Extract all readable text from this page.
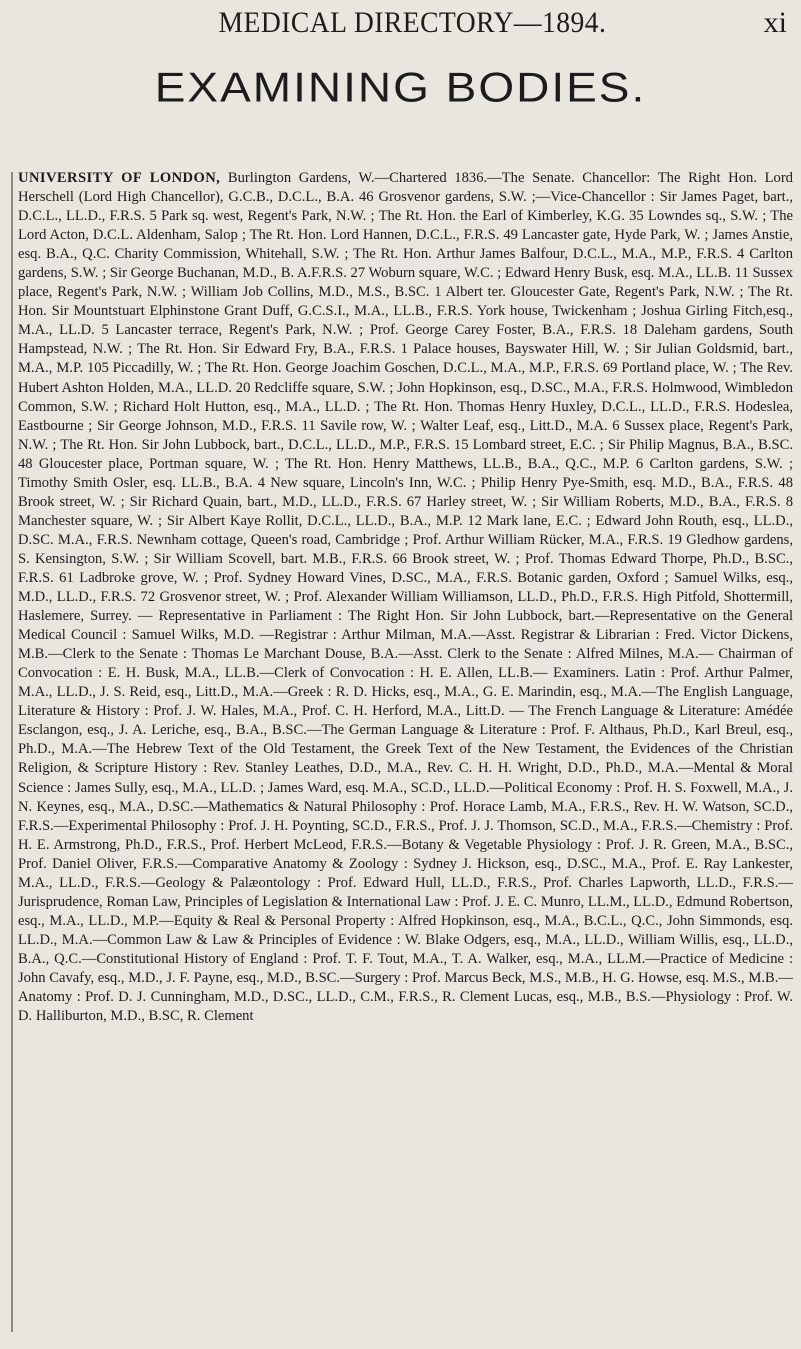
MEDICAL DIRECTORY—1894.	xi
EXAMINING BODIES.
UNIVERSITY OF LONDON, Burlington Gardens, W.—Chartered 1836.—The Senate. Chancellor: The Right Hon. Lord Herschell (Lord High Chancellor), G.C.B., D.C.L., B.A. 46 Grosvenor gardens, S.W. ;—Vice-Chancellor : Sir James Paget, bart., D.C.L., LL.D., F.R.S. 5 Park sq. west, Regent's Park, N.W. ; The Rt. Hon. the Earl of Kimberley, K.G. 35 Lowndes sq., S.W. ; The Lord Acton, D.C.L. Aldenham, Salop ; The Rt. Hon. Lord Hannen, D.C.L., F.R.S. 49 Lancaster gate, Hyde Park, W. ; James Anstie, esq. B.A., Q.C. Charity Commission, Whitehall, S.W. ; The Rt. Hon. Arthur James Balfour, D.C.L., M.A., M.P., F.R.S. 4 Carlton gardens, S.W. ; Sir George Buchanan, M.D., B. A.F.R.S. 27 Woburn square, W.C. ; Edward Henry Busk, esq. M.A., LL.B. 11 Sussex place, Regent's Park, N.W. ; William Job Collins, M.D., M.S., B.SC. 1 Albert ter. Gloucester Gate, Regent's Park, N.W. ; The Rt. Hon. Sir Mountstuart Elphinstone Grant Duff, G.C.S.I., M.A., LL.B., F.R.S. York house, Twickenham ; Joshua Girling Fitch,esq., M.A., LL.D. 5 Lancaster terrace, Regent's Park, N.W. ; Prof. George Carey Foster, B.A., F.R.S. 18 Daleham gardens, South Hampstead, N.W. ; The Rt. Hon. Sir Edward Fry, B.A., F.R.S. 1 Palace houses, Bayswater Hill, W. ; Sir Julian Goldsmid, bart., M.A., M.P. 105 Piccadilly, W. ; The Rt. Hon. George Joachim Goschen, D.C.L., M.A., M.P., F.R.S. 69 Portland place, W. ; The Rev. Hubert Ashton Holden, M.A., LL.D. 20 Redcliffe square, S.W. ; John Hopkinson, esq., D.SC., M.A., F.R.S. Holmwood, Wimbledon Common, S.W. ; Richard Holt Hutton, esq., M.A., LL.D. ; The Rt. Hon. Thomas Henry Huxley, D.C.L., LL.D., F.R.S. Hodeslea, Eastbourne ; Sir George Johnson, M.D., F.R.S. 11 Savile row, W. ; Walter Leaf, esq., Litt.D., M.A. 6 Sussex place, Regent's Park, N.W. ; The Rt. Hon. Sir John Lubbock, bart., D.C.L., LL.D., M.P., F.R.S. 15 Lombard street, E.C. ; Sir Philip Magnus, B.A., B.SC. 48 Gloucester place, Portman square, W. ; The Rt. Hon. Henry Matthews, LL.B., B.A., Q.C., M.P. 6 Carlton gardens, S.W. ; Timothy Smith Osler, esq. LL.B., B.A. 4 New square, Lincoln's Inn, W.C. ; Philip Henry Pye-Smith, esq. M.D., B.A., F.R.S. 48 Brook street, W. ; Sir Richard Quain, bart., M.D., LL.D., F.R.S. 67 Harley street, W. ; Sir William Roberts, M.D., B.A., F.R.S. 8 Manchester square, W. ; Sir Albert Kaye Rollit, D.C.L., LL.D., B.A., M.P. 12 Mark lane, E.C. ; Edward John Routh, esq., LL.D., D.SC. M.A., F.R.S. Newnham cottage, Queen's road, Cambridge ; Prof. Arthur William Rücker, M.A., F.R.S. 19 Gledhow gardens, S. Kensington, S.W. ; Sir William Scovell, bart. M.B., F.R.S. 66 Brook street, W. ; Prof. Thomas Edward Thorpe, Ph.D., B.SC., F.R.S. 61 Ladbroke grove, W. ; Prof. Sydney Howard Vines, D.SC., M.A., F.R.S. Botanic garden, Oxford ; Samuel Wilks, esq., M.D., LL.D., F.R.S. 72 Grosvenor street, W. ; Prof. Alexander William Williamson, LL.D., Ph.D., F.R.S. High Pitfold, Shottermill, Haslemere, Surrey. — Representative in Parliament : The Right Hon. Sir John Lubbock, bart.—Representative on the General Medical Council : Samuel Wilks, M.D. —Registrar : Arthur Milman, M.A.—Asst. Registrar & Librarian : Fred. Victor Dickens, M.B.—Clerk to the Senate : Thomas Le Marchant Douse, B.A.—Asst. Clerk to the Senate : Alfred Milnes, M.A.— Chairman of Convocation : E. H. Busk, M.A., LL.B.—Clerk of Convocation : H. E. Allen, LL.B.— Examiners. Latin : Prof. Arthur Palmer, M.A., LL.D., J. S. Reid, esq., Litt.D., M.A.—Greek : R. D. Hicks, esq., M.A., G. E. Marindin, esq., M.A.—The English Language, Literature & History : Prof. J. W. Hales, M.A., Prof. C. H. Herford, M.A., Litt.D. — The French Language & Literature: Amédée Esclangon, esq., J. A. Leriche, esq., B.A., B.SC.—The German Language & Literature : Prof. F. Althaus, Ph.D., Karl Breul, esq., Ph.D., M.A.—The Hebrew Text of the Old Testament, the Greek Text of the New Testament, the Evidences of the Christian Religion, & Scripture History : Rev. Stanley Leathes, D.D., M.A., Rev. C. H. H. Wright, D.D., Ph.D., M.A.—Mental & Moral Science : James Sully, esq., M.A., LL.D. ; James Ward, esq. M.A., SC.D., LL.D.—Political Economy : Prof. H. S. Foxwell, M.A., J. N. Keynes, esq., M.A., D.SC.—Mathematics & Natural Philosophy : Prof. Horace Lamb, M.A., F.R.S., Rev. H. W. Watson, SC.D., F.R.S.—Experimental Philosophy : Prof. J. H. Poynting, SC.D., F.R.S., Prof. J. J. Thomson, SC.D., M.A., F.R.S.—Chemistry : Prof. H. E. Armstrong, Ph.D., F.R.S., Prof. Herbert McLeod, F.R.S.—Botany & Vegetable Physiology : Prof. J. R. Green, M.A., B.SC., Prof. Daniel Oliver, F.R.S.—Comparative Anatomy & Zoology : Sydney J. Hickson, esq., D.SC., M.A., Prof. E. Ray Lankester, M.A., LL.D., F.R.S.—Geology & Palæontology : Prof. Edward Hull, LL.D., F.R.S., Prof. Charles Lapworth, LL.D., F.R.S.—Jurisprudence, Roman Law, Principles of Legislation & International Law : Prof. J. E. C. Munro, LL.M., LL.D., Edmund Robertson, esq., M.A., LL.D., M.P.—Equity & Real & Personal Property : Alfred Hopkinson, esq., M.A., B.C.L., Q.C., John Simmonds, esq. LL.D., M.A.—Common Law & Law & Principles of Evidence : W. Blake Odgers, esq., M.A., LL.D., William Willis, esq., LL.D., B.A., Q.C.—Constitutional History of England : Prof. T. F. Tout, M.A., T. A. Walker, esq., M.A., LL.M.—Practice of Medicine : John Cavafy, esq., M.D., J. F. Payne, esq., M.D., B.SC.—Surgery : Prof. Marcus Beck, M.S., M.B., H. G. Howse, esq. M.S., M.B.—Anatomy : Prof. D. J. Cunningham, M.D., D.SC., LL.D., C.M., F.R.S., R. Clement Lucas, esq., M.B., B.S.—Physiology : Prof. W. D. Halliburton, M.D., B.SC, R. Clement
